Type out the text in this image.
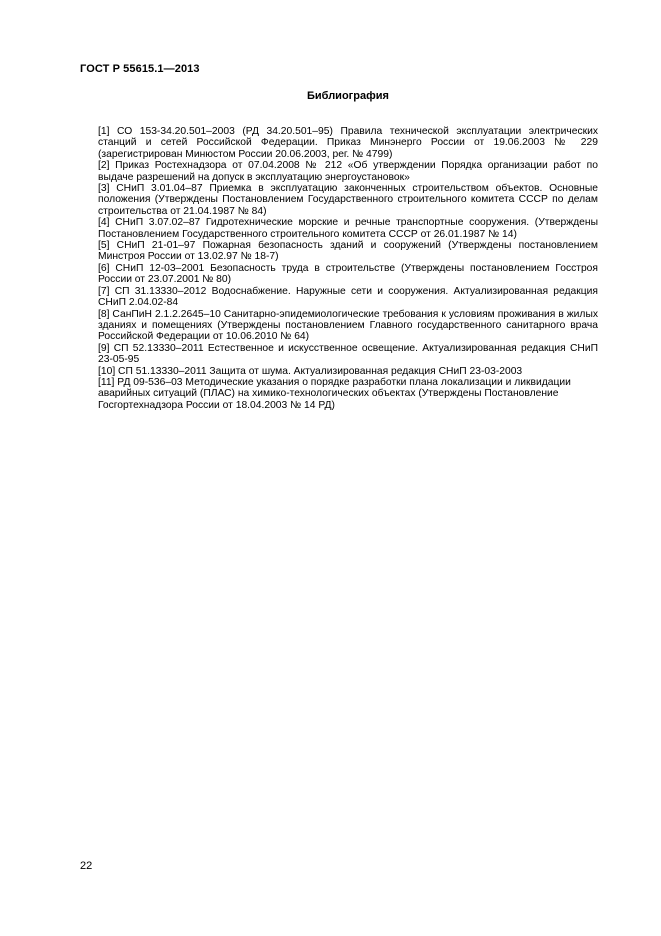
ГОСТ Р 55615.1—2013
Библиография
[1] СО 153-34.20.501–2003 (РД 34.20.501–95) Правила технической эксплуатации электрических станций и сетей Российской Федерации. Приказ Минэнерго России от 19.06.2003 № 229 (зарегистрирован Минюстом России 20.06.2003, рег. № 4799)
[2] Приказ Ростехнадзора от 07.04.2008 № 212 «Об утверждении Порядка организации работ по выдаче разрешений на допуск в эксплуатацию энергоустановок»
[3] СНиП 3.01.04–87 Приемка в эксплуатацию законченных строительством объектов. Основные положения (Утверждены Постановлением Государственного строительного комитета СССР по делам строительства от 21.04.1987 № 84)
[4] СНиП 3.07.02–87 Гидротехнические морские и речные транспортные сооружения. (Утверждены Постановлением Государственного строительного комитета СССР от 26.01.1987 № 14)
[5] СНиП 21-01–97 Пожарная безопасность зданий и сооружений (Утверждены постановлением Минстроя России от 13.02.97 № 18-7)
[6] СНиП 12-03–2001 Безопасность труда в строительстве (Утверждены постановлением Госстроя России от 23.07.2001 № 80)
[7] СП 31.13330–2012 Водоснабжение. Наружные сети и сооружения. Актуализированная редакция СНиП 2.04.02-84
[8] СанПиН 2.1.2.2645–10 Санитарно-эпидемиологические требования к условиям проживания в жилых зданиях и помещениях (Утверждены постановлением Главного государственного санитарного врача Российской Федерации от 10.06.2010 № 64)
[9] СП 52.13330–2011 Естественное и искусственное освещение. Актуализированная редакция СНиП 23-05-95
[10] СП 51.13330–2011 Защита от шума. Актуализированная редакция СНиП 23-03-2003
[11] РД 09-536–03 Методические указания о порядке разработки плана локализации и ликвидации аварийных ситуаций (ПЛАС) на химико-технологических объектах (Утверждены Постановление Госгортехнадзора России от 18.04.2003 № 14 РД)
22
